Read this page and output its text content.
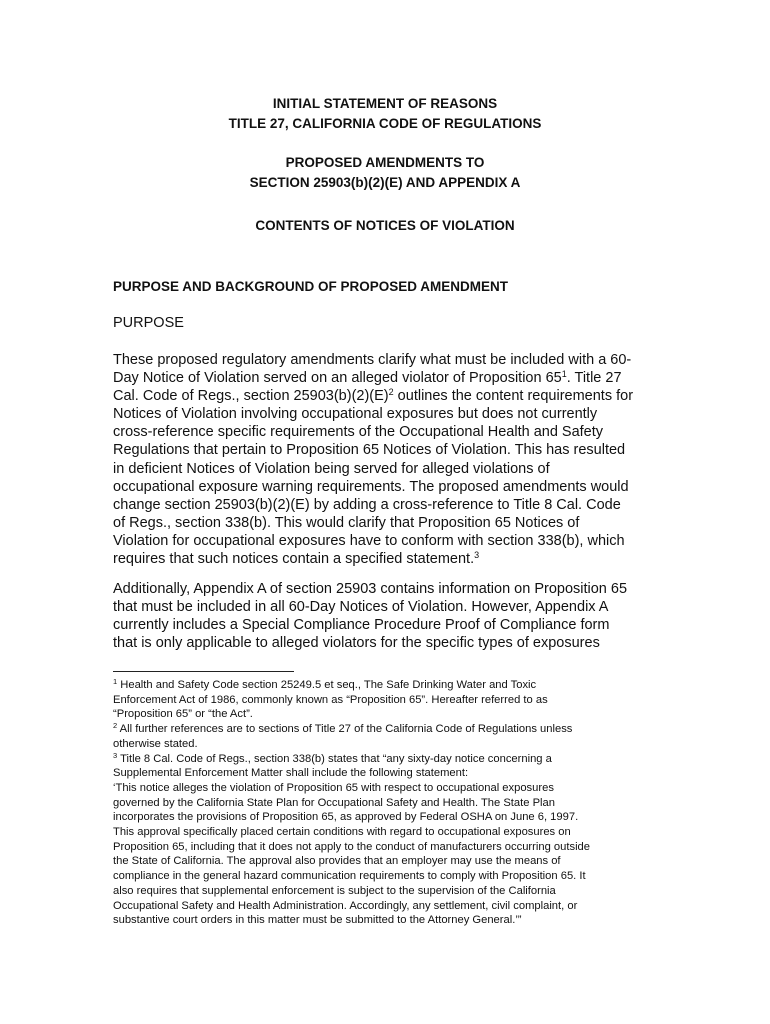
INITIAL STATEMENT OF REASONS
TITLE 27, CALIFORNIA CODE OF REGULATIONS
PROPOSED AMENDMENTS TO
SECTION 25903(b)(2)(E) AND APPENDIX A
CONTENTS OF NOTICES OF VIOLATION
PURPOSE AND BACKGROUND OF PROPOSED AMENDMENT
PURPOSE
These proposed regulatory amendments clarify what must be included with a 60-
Day Notice of Violation served on an alleged violator of Proposition $65^1$. Title 27
Cal. Code of Regs., section $25903(b)(2)(E)^2$ outlines the content requirements for
Notices of Violation involving occupational exposures but does not currently
cross-reference specific requirements of the Occupational Health and Safety
Regulations that pertain to Proposition 65 Notices of Violation. This has resulted
in deficient Notices of Violation being served for alleged violations of
occupational exposure warning requirements. The proposed amendments would
change section 25903(b)(2)(E) by adding a cross-reference to Title 8 Cal. Code
of Regs., section 338(b). This would clarify that Proposition 65 Notices of
Violation for occupational exposures have to conform with section 338(b), which
requires that such notices contain a specified statement.$^3$
Additionally, Appendix A of section 25903 contains information on Proposition 65
that must be included in all 60-Day Notices of Violation. However, Appendix A
currently includes a Special Compliance Procedure Proof of Compliance form
that is only applicable to alleged violators for the specific types of exposures
$^1$ Health and Safety Code section 25249.5 et seq., The Safe Drinking Water and Toxic
Enforcement Act of 1986, commonly known as “Proposition 65”. Hereafter referred to as
“Proposition 65” or “the Act”.
$^2$ All further references are to sections of Title 27 of the California Code of Regulations unless
otherwise stated.
$^3$ Title 8 Cal. Code of Regs., section 338(b) states that “any sixty-day notice concerning a
Supplemental Enforcement Matter shall include the following statement:
‘This notice alleges the violation of Proposition 65 with respect to occupational exposures
governed by the California State Plan for Occupational Safety and Health. The State Plan
incorporates the provisions of Proposition 65, as approved by Federal OSHA on June 6, 1997.
This approval specifically placed certain conditions with regard to occupational exposures on
Proposition 65, including that it does not apply to the conduct of manufacturers occurring outside
the State of California. The approval also provides that an employer may use the means of
compliance in the general hazard communication requirements to comply with Proposition 65. It
also requires that supplemental enforcement is subject to the supervision of the California
Occupational Safety and Health Administration. Accordingly, any settlement, civil complaint, or
substantive court orders in this matter must be submitted to the Attorney General.’”
